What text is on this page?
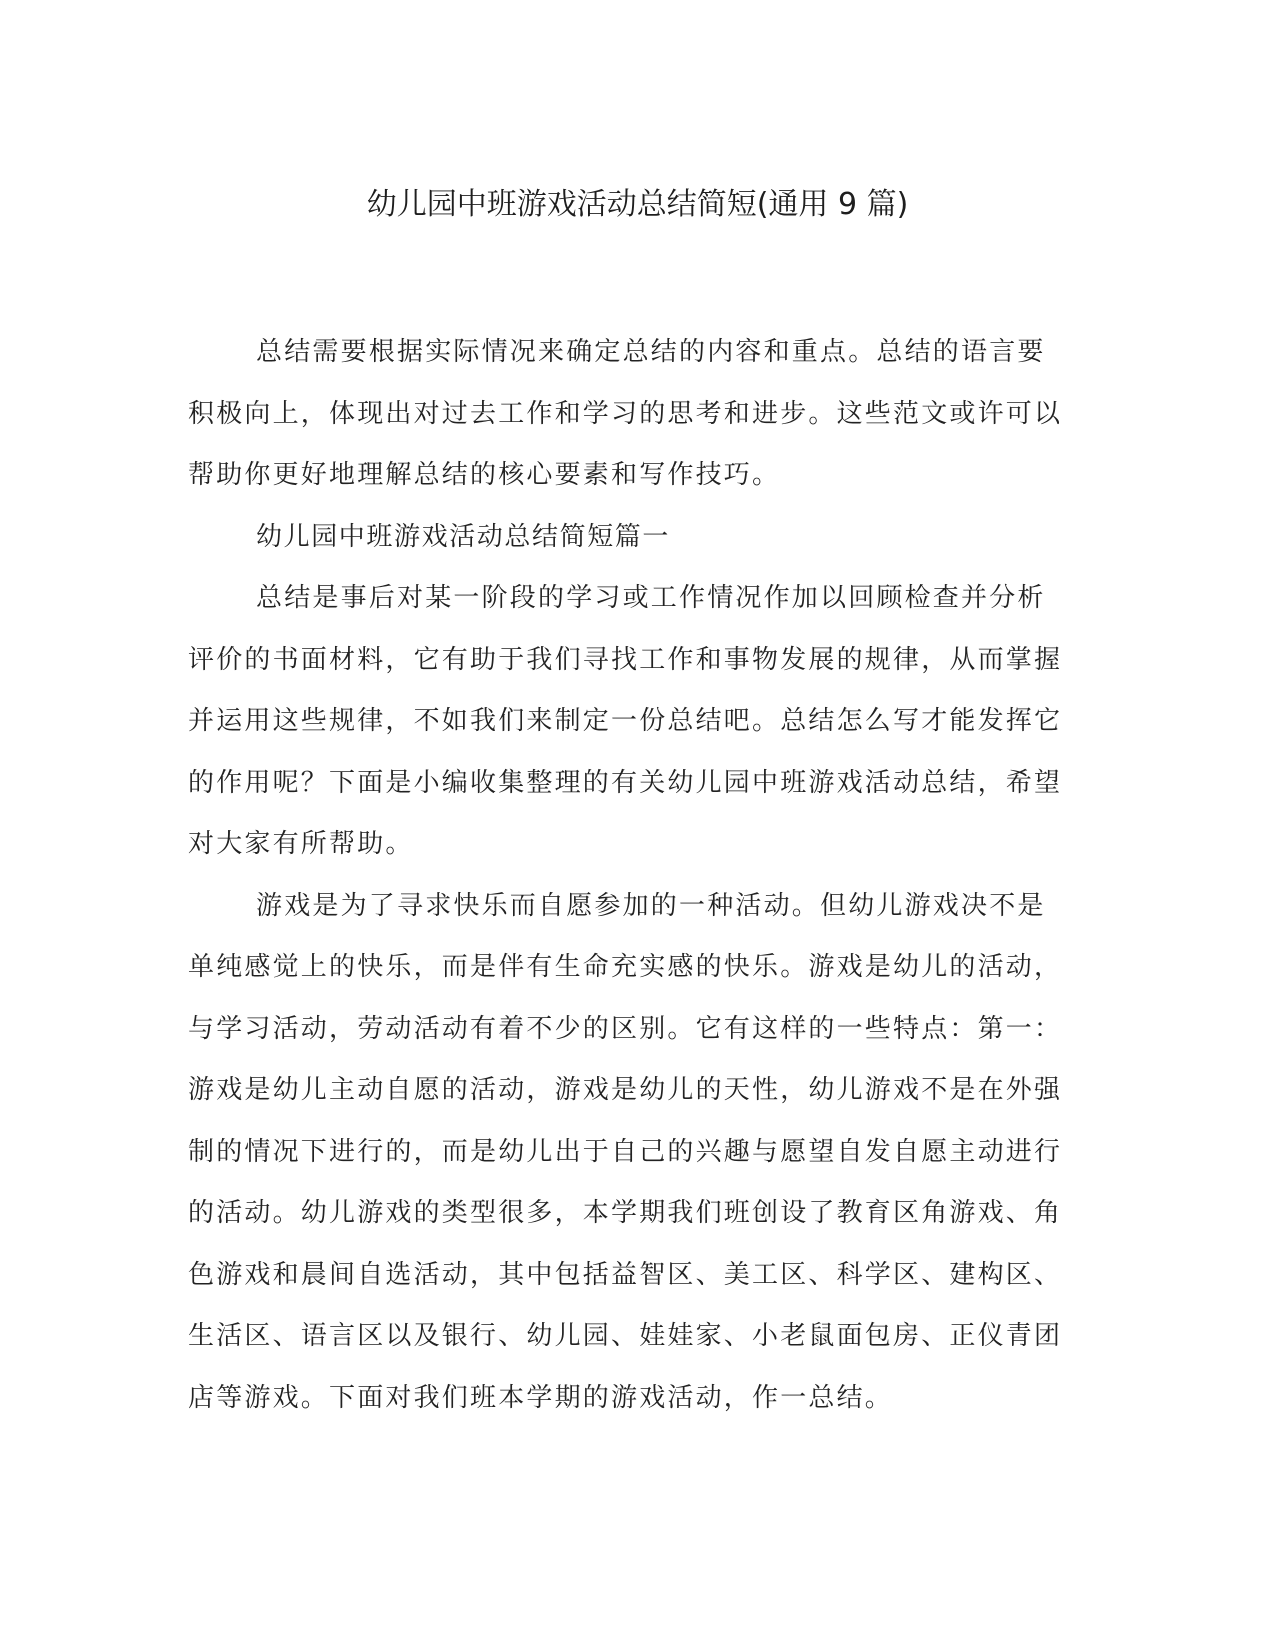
幼儿园中班游戏活动总结简短(通用 9 篇)

总结需要根据实际情况来确定总结的内容和重点。总结的语言要积极向上，体现出对过去工作和学习的思考和进步。这些范文或许可以帮助你更好地理解总结的核心要素和写作技巧。

幼儿园中班游戏活动总结简短篇一

总结是事后对某一阶段的学习或工作情况作加以回顾检查并分析评价的书面材料，它有助于我们寻找工作和事物发展的规律，从而掌握并运用这些规律，不如我们来制定一份总结吧。总结怎么写才能发挥它的作用呢？下面是小编收集整理的有关幼儿园中班游戏活动总结，希望对大家有所帮助。

游戏是为了寻求快乐而自愿参加的一种活动。但幼儿游戏决不是单纯感觉上的快乐，而是伴有生命充实感的快乐。游戏是幼儿的活动，与学习活动，劳动活动有着不少的区别。它有这样的一些特点：第一：游戏是幼儿主动自愿的活动，游戏是幼儿的天性，幼儿游戏不是在外强制的情况下进行的，而是幼儿出于自己的兴趣与愿望自发自愿主动进行的活动。幼儿游戏的类型很多，本学期我们班创设了教育区角游戏、角色游戏和晨间自选活动，其中包括益智区、美工区、科学区、建构区、生活区、语言区以及银行、幼儿园、娃娃家、小老鼠面包房、正仪青团店等游戏。下面对我们班本学期的游戏活动，作一总结。
